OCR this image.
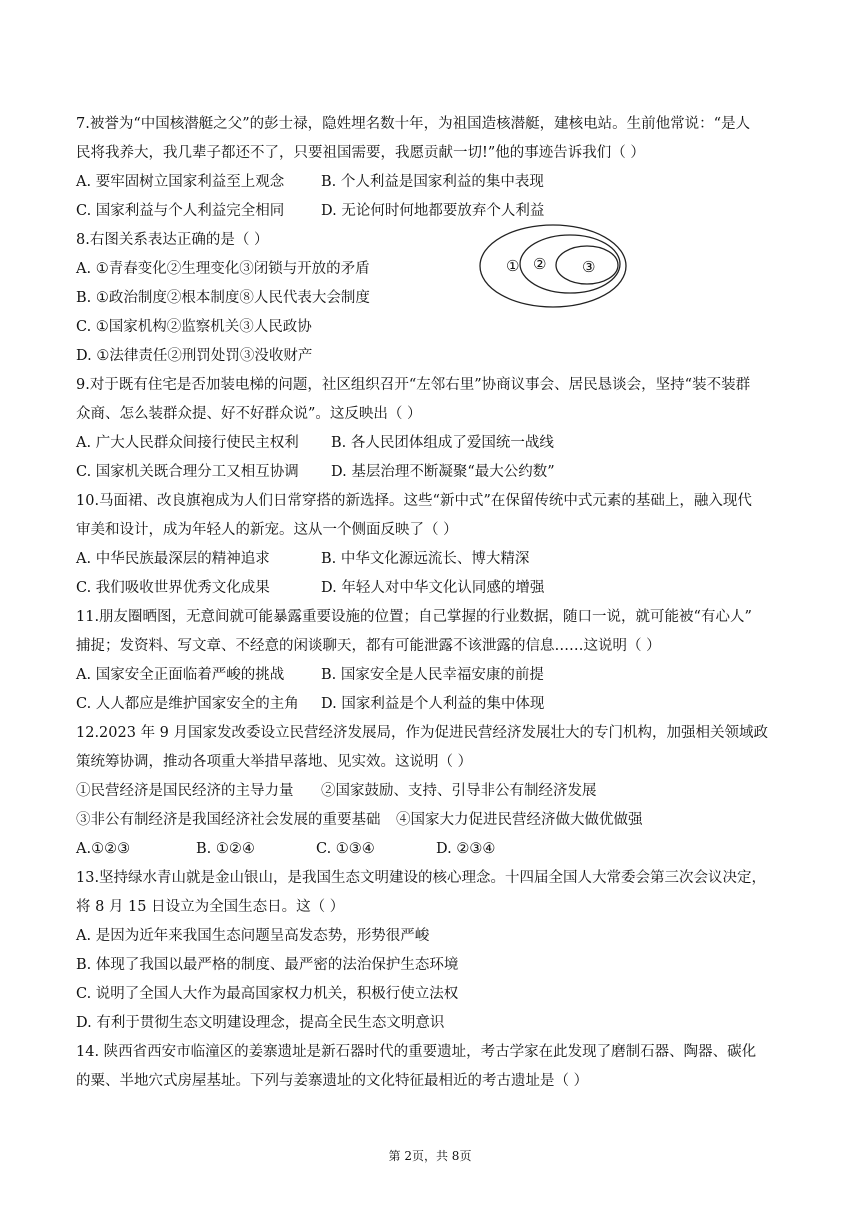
7.被誉为“中国核潜艇之父”的彭士禄，隐姓埋名数十年，为祖国造核潜艇，建核电站。生前他常说：“是人
民将我养大，我几辈子都还不了，只要祖国需要，我愿贡献一切!”他的事迹告诉我们（ ）
A. 要牢固树立国家利益至上观念	B. 个人利益是国家利益的集中表现
C. 国家利益与个人利益完全相同	D. 无论何时何地都要放弃个人利益
8.右图关系表达正确的是（ ）
A. ①青春变化②生理变化③闭锁与开放的矛盾
B. ①政治制度②根本制度⑧人民代表大会制度
C. ①国家机构②监察机关③人民政协
D. ①法律责任②刑罚处罚③没收财产
9.对于既有住宅是否加装电梯的问题，社区组织召开“左邻右里”协商议事会、居民恳谈会，坚持“装不装群
众商、怎么装群众提、好不好群众说”。这反映出（ ）
A. 广大人民群众间接行使民主权利	B. 各人民团体组成了爱国统一战线
C. 国家机关既合理分工又相互协调	D. 基层治理不断凝聚“最大公约数”
10.马面裙、改良旗袍成为人们日常穿搭的新选择。这些“新中式”在保留传统中式元素的基础上，融入现代
审美和设计，成为年轻人的新宠。这从一个侧面反映了（ ）
A. 中华民族最深层的精神追求	B. 中华文化源远流长、博大精深
C. 我们吸收世界优秀文化成果	D. 年轻人对中华文化认同感的增强
11.朋友圈晒图，无意间就可能暴露重要设施的位置；自己掌握的行业数据，随口一说，就可能被“有心人”
捕捉；发资料、写文章、不经意的闲谈聊天，都有可能泄露不该泄露的信息……这说明（ ）
A. 国家安全正面临着严峻的挑战	B. 国家安全是人民幸福安康的前提
C. 人人都应是维护国家安全的主角	D. 国家利益是个人利益的集中体现
12.2023 年 9 月国家发改委设立民营经济发展局，作为促进民营经济发展壮大的专门机构，加强相关领域政
策统筹协调，推动各项重大举措早落地、见实效。这说明（ ）
①民营经济是国民经济的主导力量	②国家鼓励、支持、引导非公有制经济发展
③非公有制经济是我国经济社会发展的重要基础	④国家大力促进民营经济做大做优做强
A.①②③	B. ①②④	C. ①③④	D. ②③④
13.坚持绿水青山就是金山银山，是我国生态文明建设的核心理念。十四届全国人大常委会第三次会议决定，
将 8 月 15 日设立为全国生态日。这（ ）
A. 是因为近年来我国生态问题呈高发态势，形势很严峻
B. 体现了我国以最严格的制度、最严密的法治保护生态环境
C. 说明了全国人大作为最高国家权力机关，积极行使立法权
D. 有利于贯彻生态文明建设理念，提高全民生态文明意识
14. 陕西省西安市临潼区的姜寨遗址是新石器时代的重要遗址，考古学家在此发现了磨制石器、陶器、碳化
的粟、半地穴式房屋基址。下列与姜寨遗址的文化特征最相近的考古遗址是（ ）
① ② ③
第 2页，共 8页
